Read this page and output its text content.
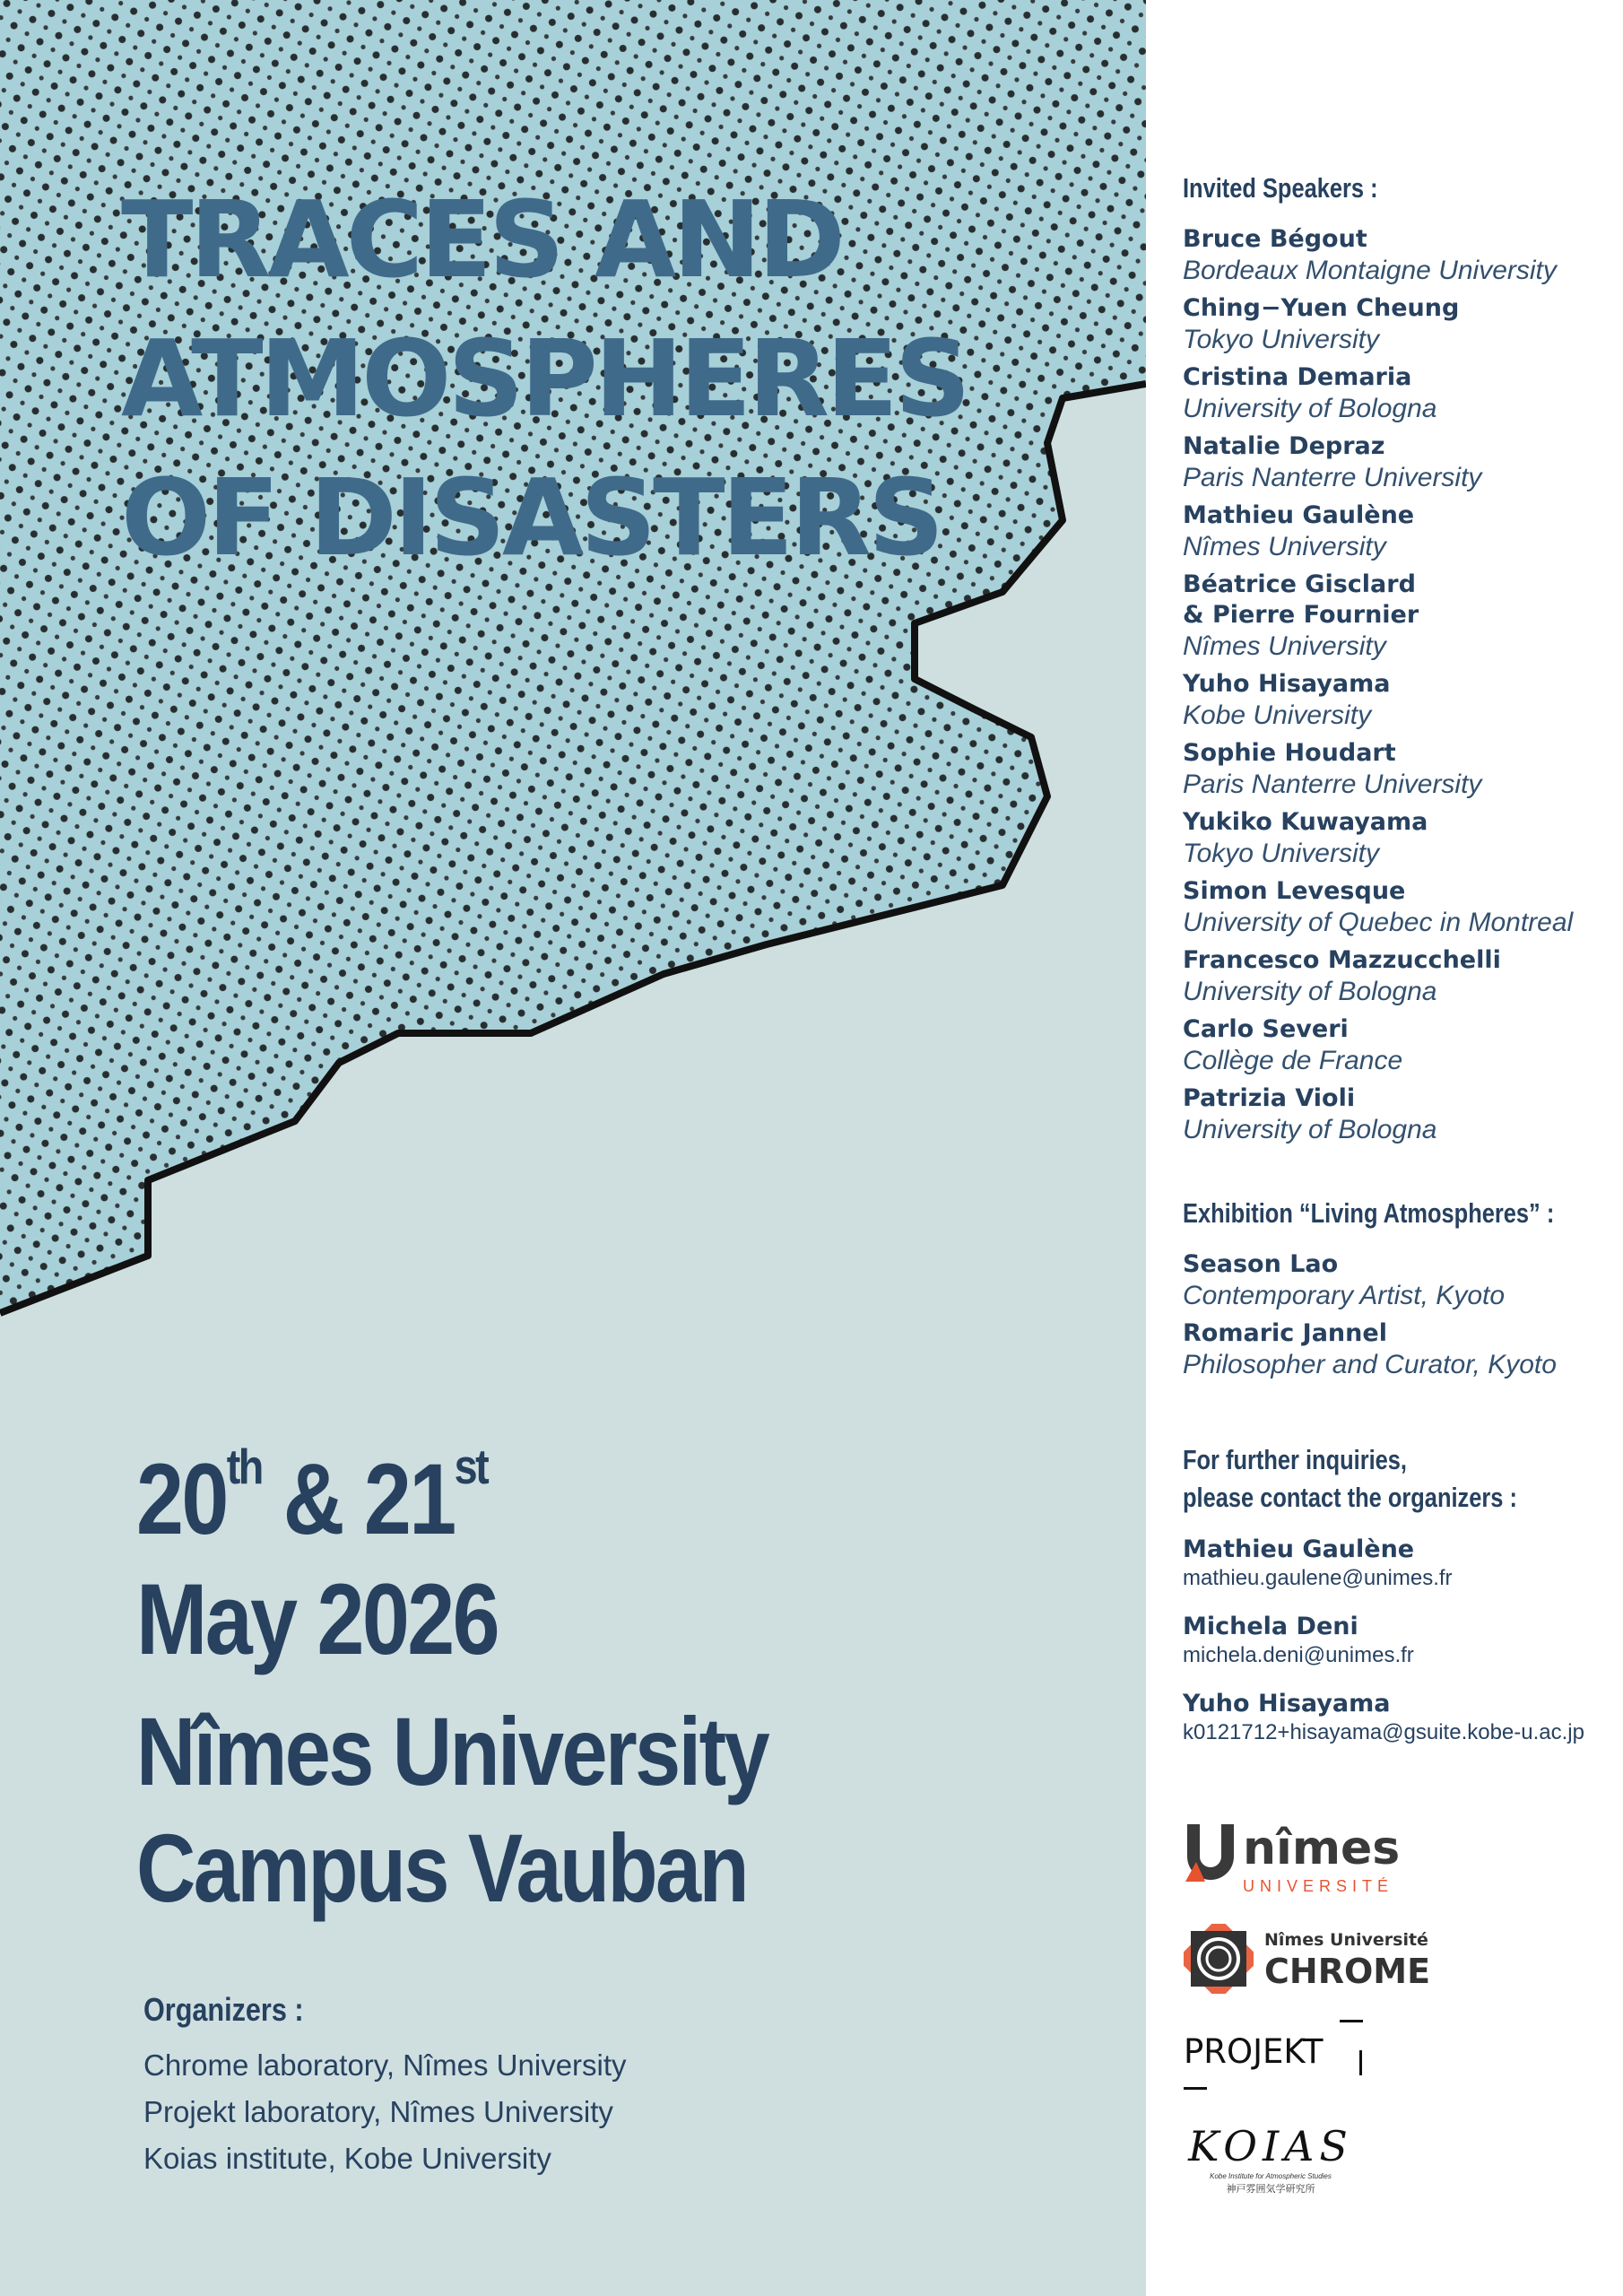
TRACES AND
ATMOSPHERES
OF DISASTERS
20th & 21st
May 2026
Nîmes University
Campus Vauban
Organizers :
Chrome laboratory, Nîmes University
Projekt laboratory, Nîmes University
Koias institute, Kobe University
Invited Speakers :
Bruce Bégout
Bordeaux Montaigne University
Ching−Yuen Cheung
Tokyo University
Cristina Demaria
University of Bologna
Natalie Depraz
Paris Nanterre University
Mathieu Gaulène
Nîmes University
Béatrice Gisclard
& Pierre Fournier
Nîmes University
Yuho Hisayama
Kobe University
Sophie Houdart
Paris Nanterre University
Yukiko Kuwayama
Tokyo University
Simon Levesque
University of Quebec in Montreal
Francesco Mazzucchelli
University of Bologna
Carlo Severi
Collège de France
Patrizia Violi
University of Bologna
Exhibition “Living Atmospheres” :
Season Lao
Contemporary Artist, Kyoto
Romaric Jannel
Philosopher and Curator, Kyoto
For further inquiries,
please contact the organizers :
Mathieu Gaulène
mathieu.gaulene@unimes.fr
Michela Deni
michela.deni@unimes.fr
Yuho Hisayama
k0121712+hisayama@gsuite.kobe-u.ac.jp
nîmes
UNIVERSITÉ
Nîmes Université
CHROME
PROJEKT
KOIAS
Kobe Institute for Atmospheric Studies
神戸雰囲気学研究所
